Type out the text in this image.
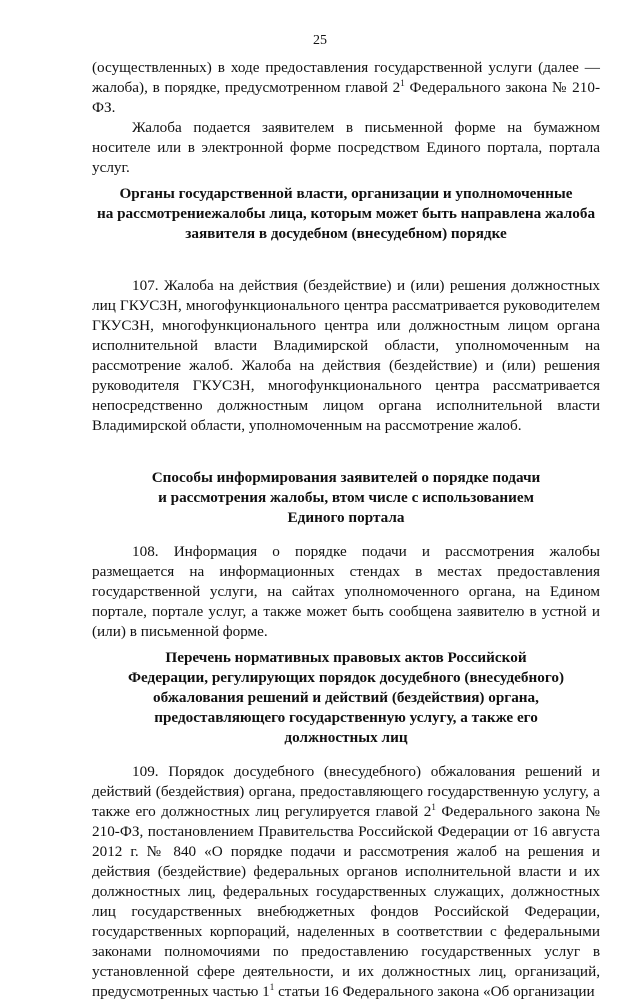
25

(осуществленных) в ходе предоставления государственной услуги (далее — жалоба), в порядке, предусмотренном главой $2^1$ Федерального закона № 210-ФЗ.

Жалоба подается заявителем в письменной форме на бумажном носителе или в электронной форме посредством Единого портала, портала услуг.

Органы государственной власти, организации и уполномоченные
на рассмотрениежалобы лица, которым может быть направлена жалоба
заявителя в досудебном (внесудебном) порядке

107. Жалоба на действия (бездействие) и (или) решения должностных лиц ГКУСЗН, многофункционального центра рассматривается руководителем ГКУСЗН, многофункционального центра или должностным лицом органа исполнительной власти Владимирской области, уполномоченным на рассмотрение жалоб. Жалоба на действия (бездействие) и (или) решения руководителя ГКУСЗН, многофункционального центра рассматривается непосредственно должностным лицом органа исполнительной власти Владимирской области, уполномоченным на рассмотрение жалоб.

Способы информирования заявителей о порядке подачи
и рассмотрения жалобы, втом числе с использованием
Единого портала

108. Информация о порядке подачи и рассмотрения жалобы размещается на информационных стендах в местах предоставления государственной услуги, на сайтах уполномоченного органа, на Едином портале, портале услуг, а также может быть сообщена заявителю в устной и (или) в письменной форме.

Перечень нормативных правовых актов Российской
Федерации, регулирующих порядок досудебного (внесудебного)
обжалования решений и действий (бездействия) органа,
предоставляющего государственную услугу, а также его
должностных лиц

109. Порядок досудебного (внесудебного) обжалования решений и действий (бездействия) органа, предоставляющего государственную услугу, а также его должностных лиц регулируется главой $2^1$ Федерального закона № 210-ФЗ, постановлением Правительства Российской Федерации от 16 августа 2012 г. № 840 «О порядке подачи и рассмотрения жалоб на решения и действия (бездействие) федеральных органов исполнительной власти и их должностных лиц, федеральных государственных служащих, должностных лиц государственных внебюджетных фондов Российской Федерации, государственных корпораций, наделенных в соответствии с федеральными законами полномочиями по предоставлению государственных услуг в установленной сфере деятельности, и их должностных лиц, организаций, предусмотренных частью $1^1$ статьи 16 Федерального закона «Об организации
